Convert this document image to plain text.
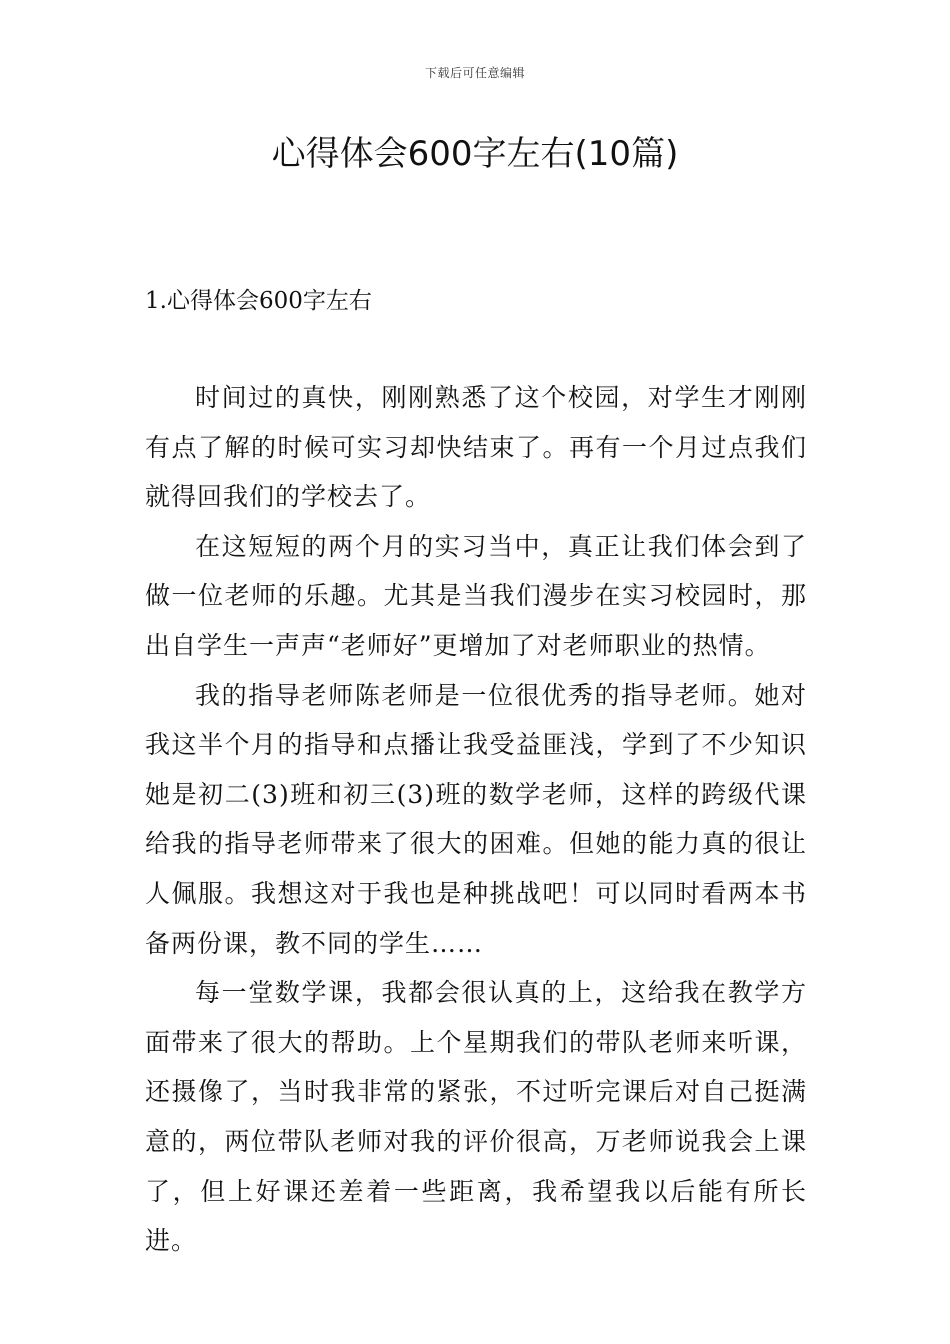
下载后可任意编辑
心得体会600字左右(10篇)
1.心得体会600字左右

时间过的真快，刚刚熟悉了这个校园，对学生才刚刚有点了解的时候可实习却快结束了。再有一个月过点我们就得回我们的学校去了。

在这短短的两个月的实习当中，真正让我们体会到了做一位老师的乐趣。尤其是当我们漫步在实习校园时，那出自学生一声声“老师好”更增加了对老师职业的热情。

我的指导老师陈老师是一位很优秀的指导老师。她对我这半个月的指导和点播让我受益匪浅，学到了不少知识她是初二(3)班和初三(3)班的数学老师，这样的跨级代课给我的指导老师带来了很大的困难。但她的能力真的很让人佩服。我想这对于我也是种挑战吧！可以同时看两本书备两份课，教不同的学生……

每一堂数学课，我都会很认真的上，这给我在教学方面带来了很大的帮助。上个星期我们的带队老师来听课，还摄像了，当时我非常的紧张，不过听完课后对自己挺满意的，两位带队老师对我的评价很高，万老师说我会上课了，但上好课还差着一些距离，我希望我以后能有所长进。
